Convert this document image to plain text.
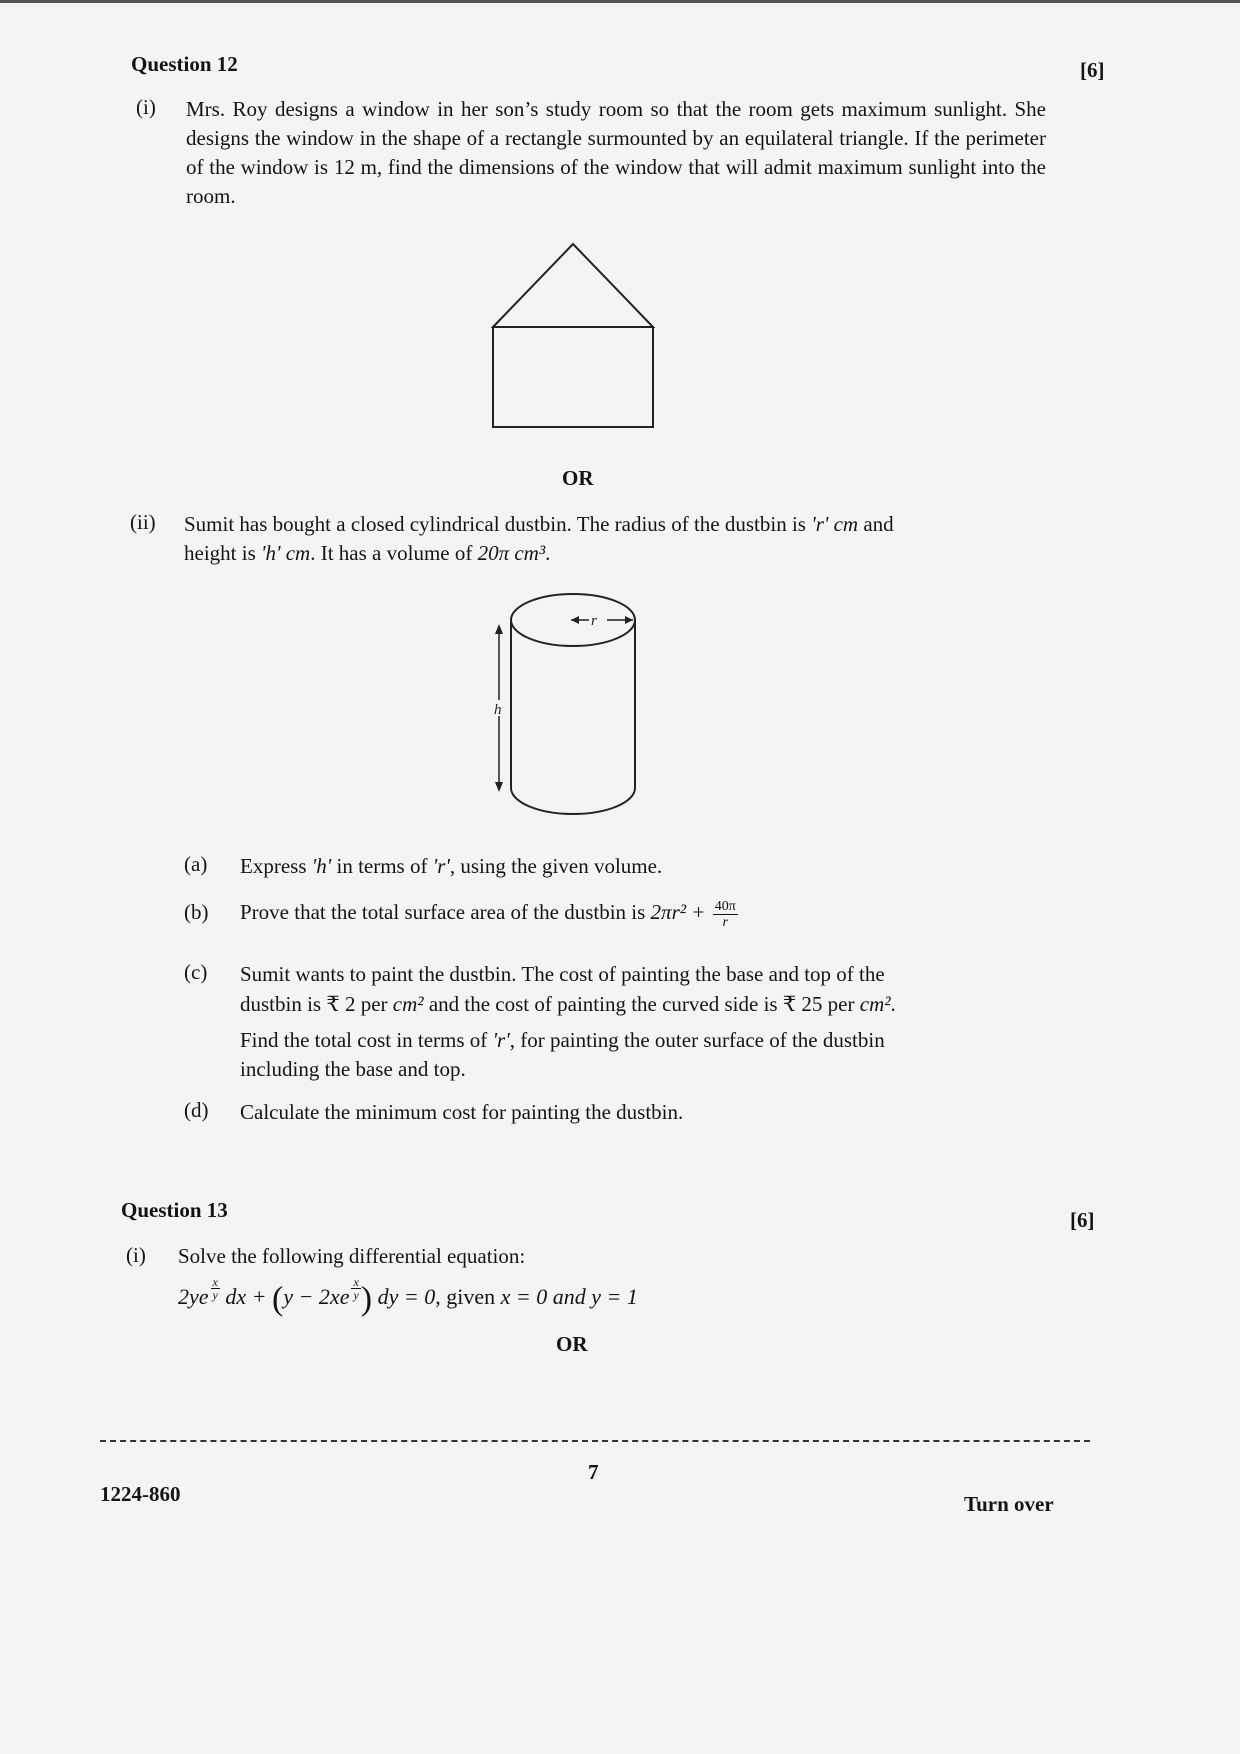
Question 12	[6]
(i) Mrs. Roy designs a window in her son’s study room so that the room gets maximum sunlight. She designs the window in the shape of a rectangle surmounted by an equilateral triangle. If the perimeter of the window is 12 m, find the dimensions of the window that will admit maximum sunlight into the room.
OR
(ii) Sumit has bought a closed cylindrical dustbin. The radius of the dustbin is 'r' cm and
height is 'h' cm. It has a volume of 20π cm³.
r
h
(a) Express 'h' in terms of 'r', using the given volume.
(b) Prove that the total surface area of the dustbin is $2\pi r^2 + \frac{40\pi}{r}$
(c) Sumit wants to paint the dustbin. The cost of painting the base and top of the
dustbin is ₹ 2 per cm² and the cost of painting the curved side is ₹ 25 per cm².
Find the total cost in terms of 'r', for painting the outer surface of the dustbin
including the base and top.
(d) Calculate the minimum cost for painting the dustbin.
Question 13	[6]
(i) Solve the following differential equation:
$2ye \frac{x}{y}$ dx + ($y - 2xe \frac{x}{y}$ ) dy = 0, given x = 0 and y = 1
OR
7
1224-860	Turn over
